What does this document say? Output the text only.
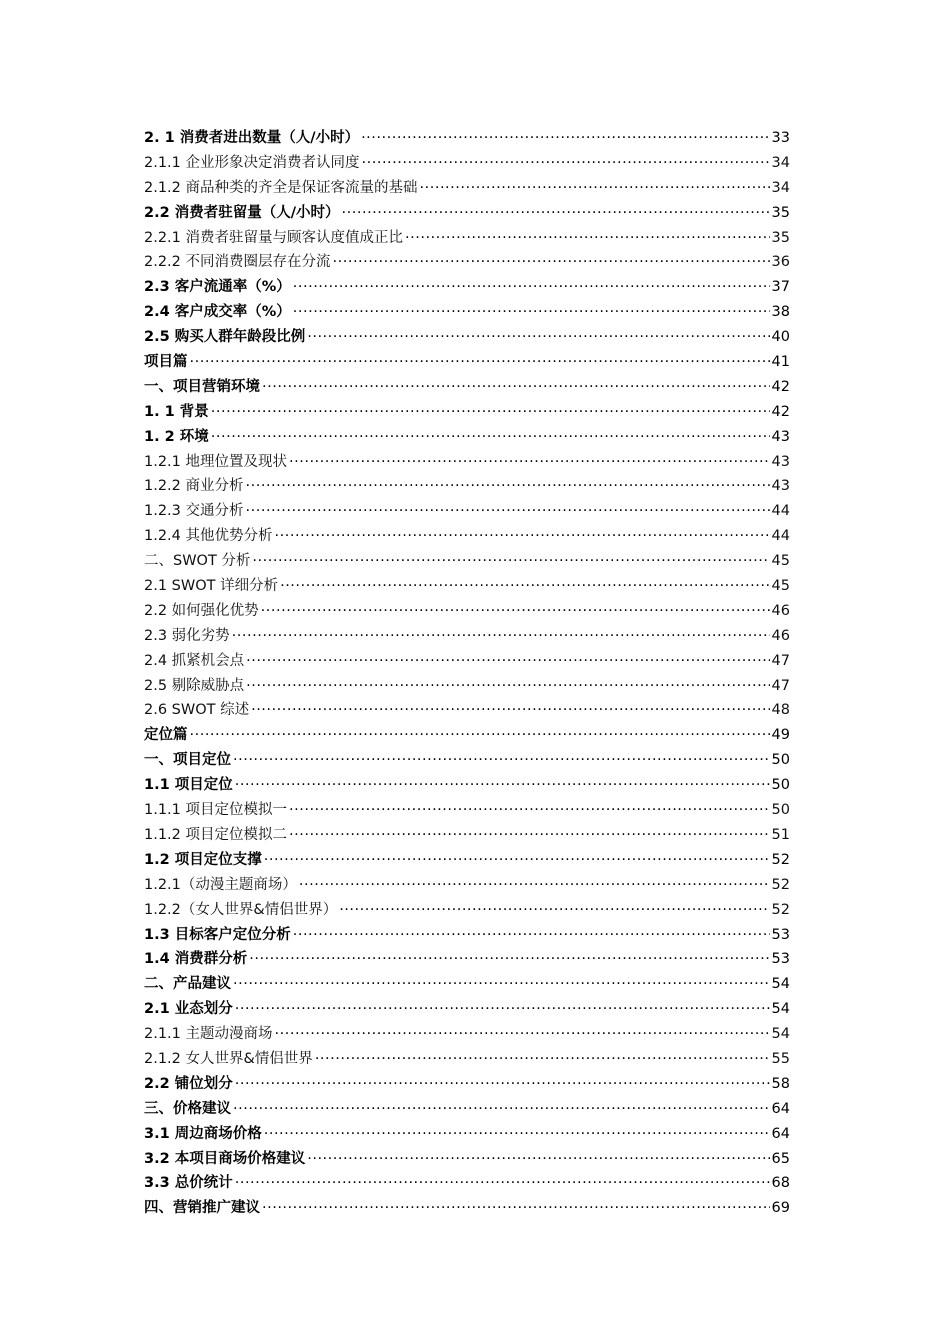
2. 1 消费者进出数量（人/小时） ·····	33
2.1.1 企业形象决定消费者认同度 ·····	34
2.1.2 商品种类的齐全是保证客流量的基础 ·····	34
2.2 消费者驻留量（人/小时） ·····	35
2.2.1 消费者驻留量与顾客认度值成正比 ·····	35
2.2.2 不同消费圈层存在分流 ·····	36
2.3 客户流通率（%） ·····	37
2.4 客户成交率（%） ·····	38
2.5 购买人群年龄段比例 ·····	40
项目篇 ·····	41
一、项目营销环境 ·····	42
1. 1 背景 ·····	42
1. 2 环境 ·····	43
1.2.1 地理位置及现状 ·····	43
1.2.2 商业分析 ·····	43
1.2.3 交通分析 ·····	44
1.2.4 其他优势分析 ·····	44
二、SWOT 分析 ·····	45
2.1 SWOT 详细分析 ·····	45
2.2 如何强化优势 ·····	46
2.3 弱化劣势 ·····	46
2.4 抓紧机会点 ·····	47
2.5 剔除威胁点 ·····	47
2.6 SWOT 综述 ·····	48
定位篇 ·····	49
一、项目定位 ·····	50
1.1 项目定位 ·····	50
1.1.1 项目定位模拟一 ·····	50
1.1.2 项目定位模拟二 ·····	51
1.2 项目定位支撑 ·····	52
1.2.1（动漫主题商场） ·····	52
1.2.2（女人世界&情侣世界） ·····	52
1.3 目标客户定位分析 ·····	53
1.4 消费群分析 ·····	53
二、产品建议 ·····	54
2.1 业态划分 ·····	54
2.1.1 主题动漫商场 ·····	54
2.1.2 女人世界&情侣世界 ·····	55
2.2 铺位划分 ·····	58
三、价格建议 ·····	64
3.1 周边商场价格 ·····	64
3.2 本项目商场价格建议 ·····	65
3.3 总价统计 ·····	68
四、营销推广建议 ·····	69
